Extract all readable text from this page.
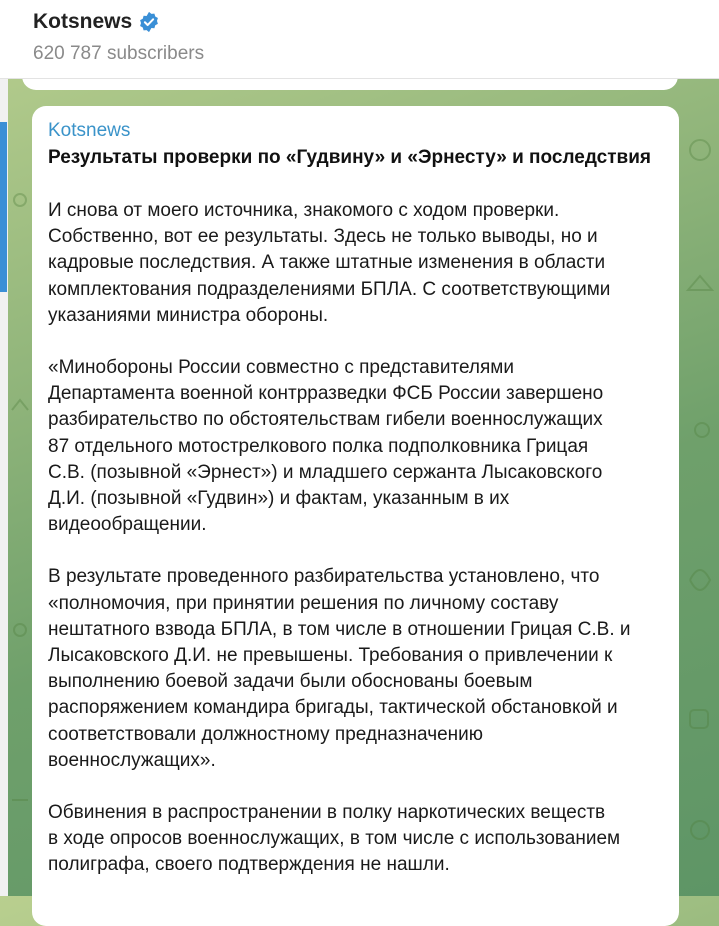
Kotsnews
620 787 subscribers
Kotsnews
Результаты проверки по «Гудвину» и «Эрнесту» и последствия

И снова от моего источника, знакомого с ходом проверки.
Собственно, вот ее результаты. Здесь не только выводы, но и
кадровые последствия. А также штатные изменения в области
комплектования подразделениями БПЛА. С соответствующими
указаниями министра обороны.

«Минобороны России совместно с представителями
Департамента военной контрразведки ФСБ России завершено
разбирательство по обстоятельствам гибели военнослужащих
87 отдельного мотострелкового полка подполковника Грицая
С.В. (позывной «Эрнест») и младшего сержанта Лысаковского
Д.И. (позывной «Гудвин») и фактам, указанным в их
видеообращении.

В результате проведенного разбирательства установлено, что
«полномочия, при принятии решения по личному составу
нештатного взвода БПЛА, в том числе в отношении Грицая С.В. и
Лысаковского Д.И. не превышены. Требования о привлечении к
выполнению боевой задачи были обоснованы боевым
распоряжением командира бригады, тактической обстановкой и
соответствовали должностному предназначению
военнослужащих».

Обвинения в распространении в полку наркотических веществ
в ходе опросов военнослужащих, в том числе с использованием
полиграфа, своего подтверждения не нашли.
